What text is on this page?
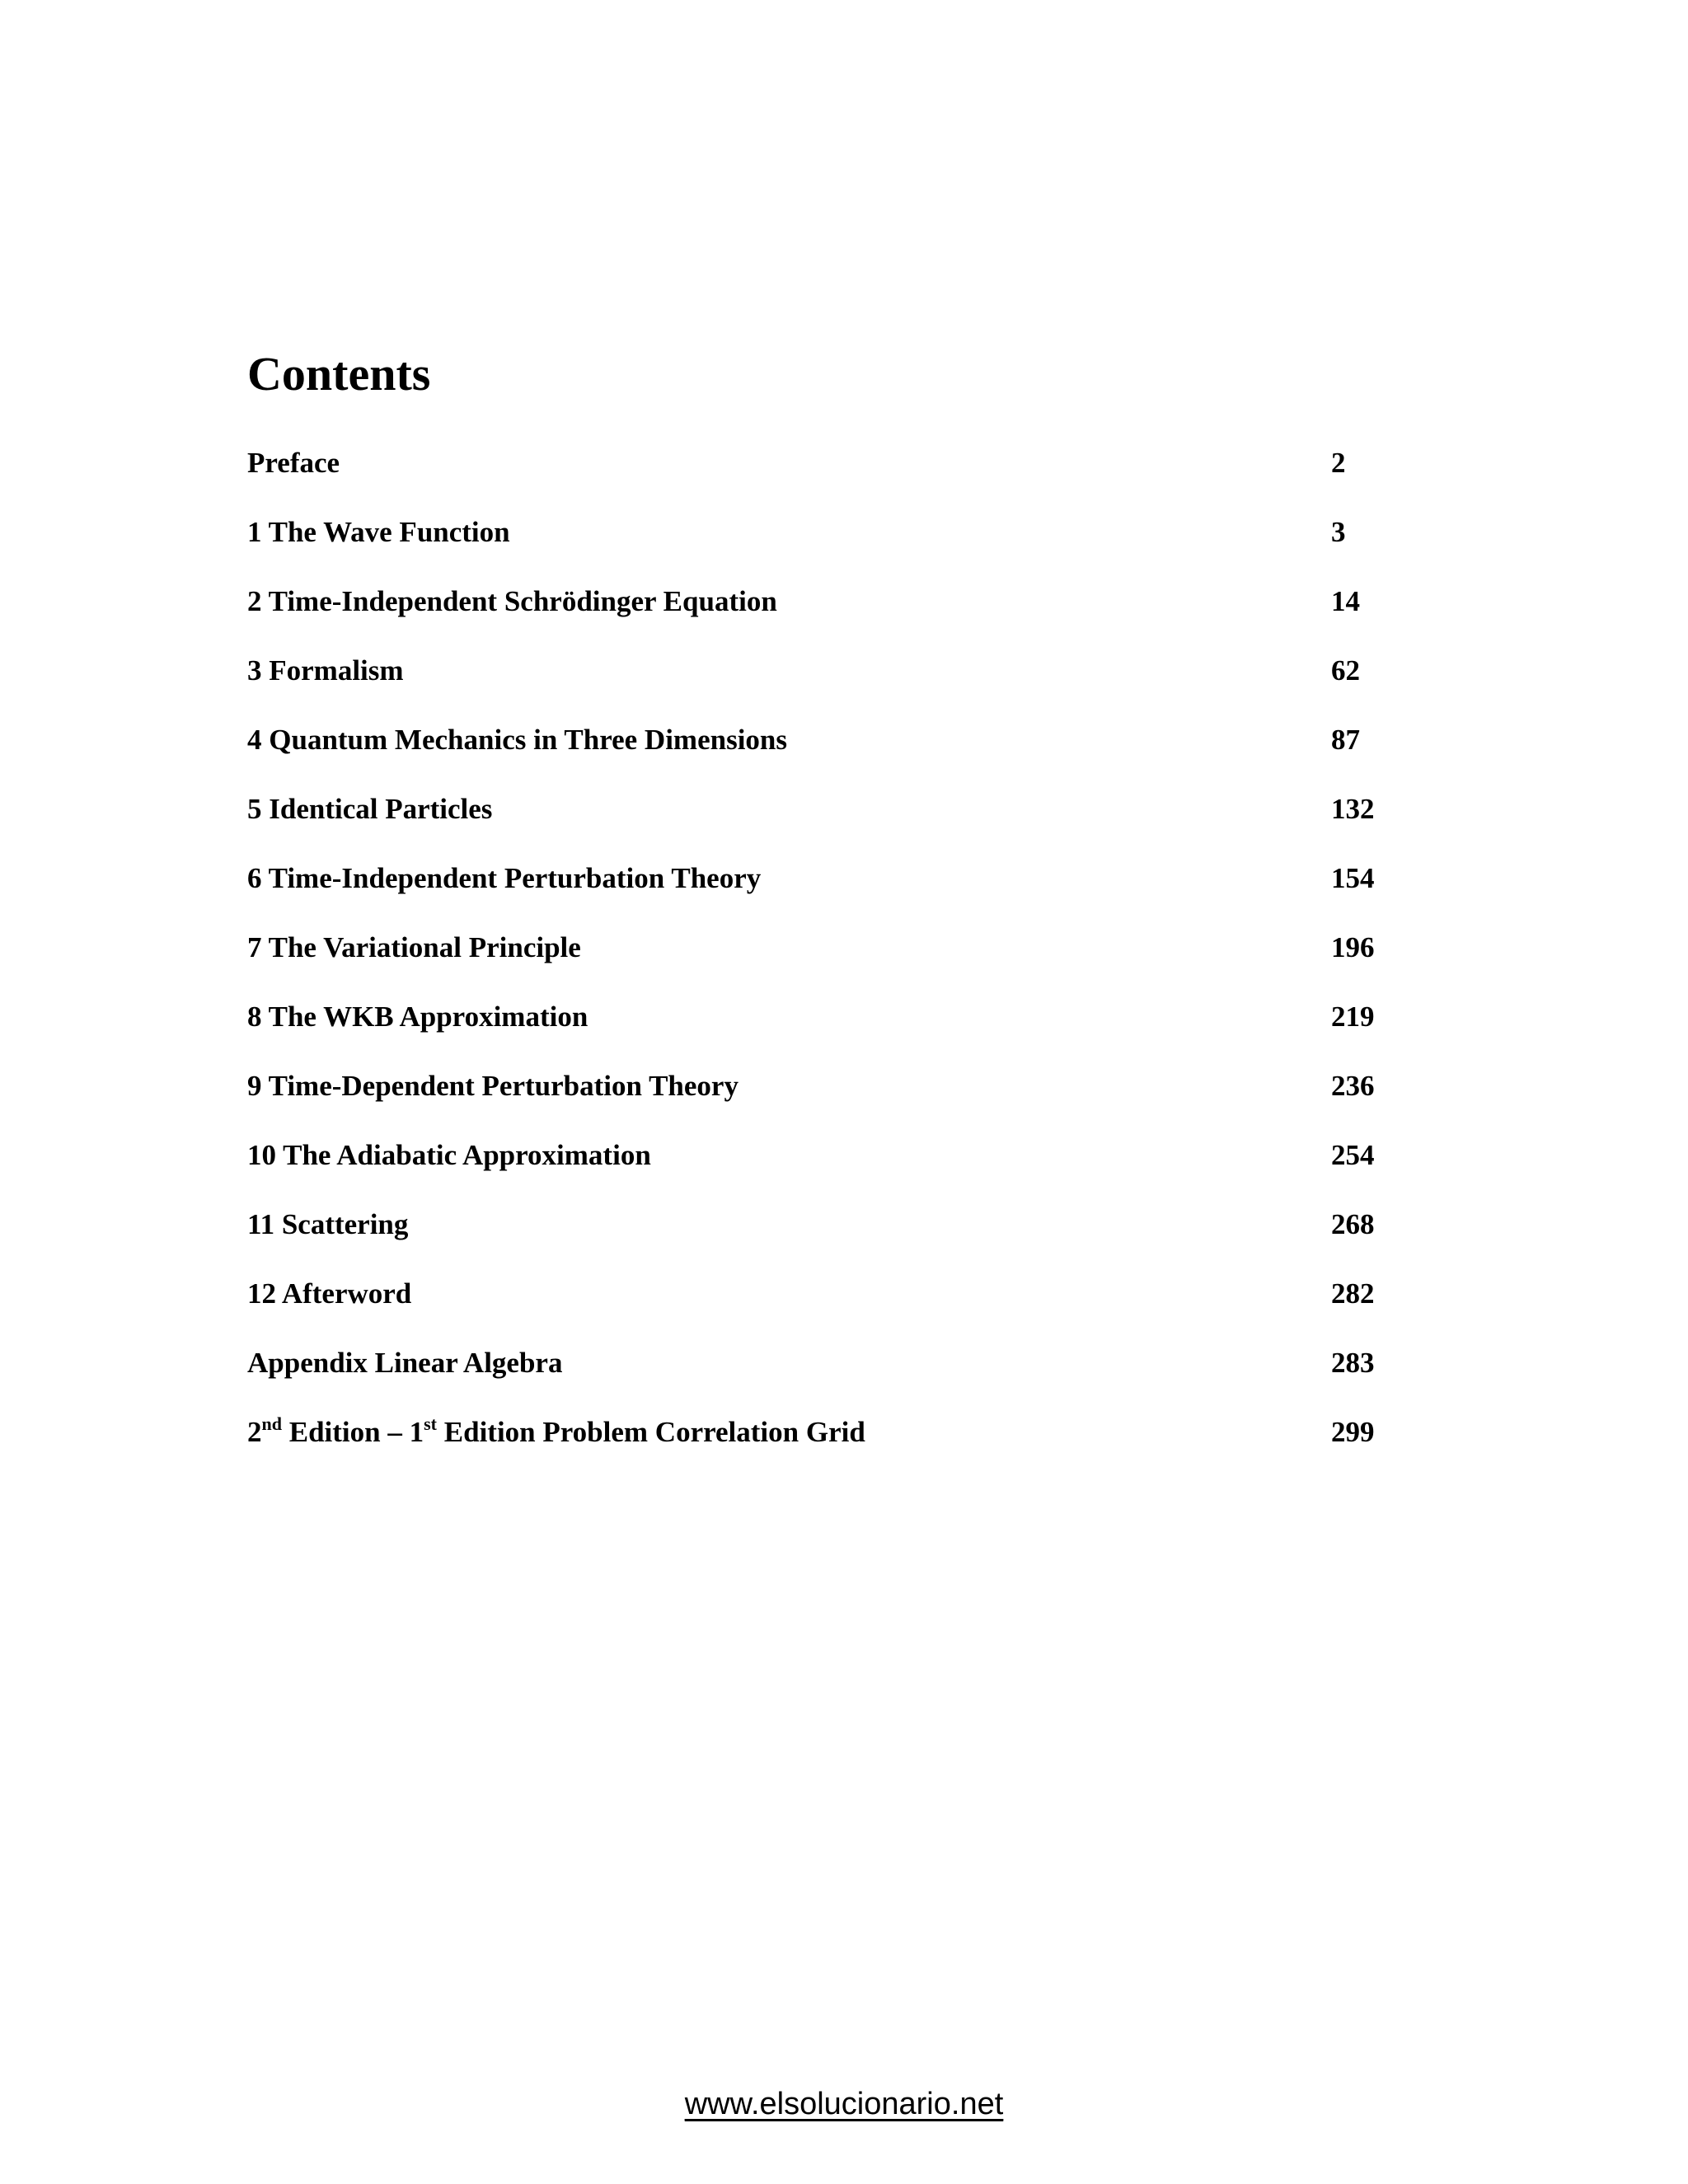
Contents
Preface	2
1 The Wave Function	3
2 Time-Independent Schrödinger Equation	14
3 Formalism	62
4 Quantum Mechanics in Three Dimensions	87
5 Identical Particles	132
6 Time-Independent Perturbation Theory	154
7 The Variational Principle	196
8 The WKB Approximation	219
9 Time-Dependent Perturbation Theory	236
10 The Adiabatic Approximation	254
11 Scattering	268
12 Afterword	282
Appendix Linear Algebra	283
2nd Edition – 1st Edition Problem Correlation Grid	299
www.elsolucionario.net
